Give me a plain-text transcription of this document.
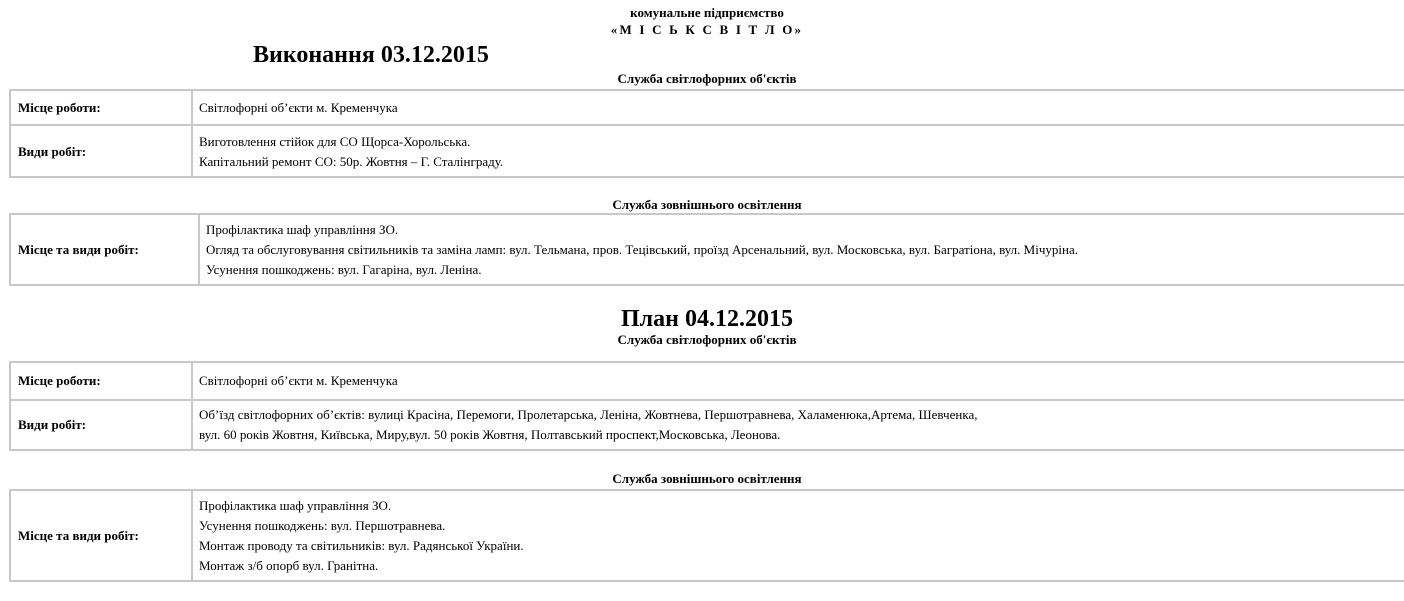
комунальне підприємство
«М І С Ь К С В І Т Л О»
Виконання 03.12.2015
Служба світлофорних об'єктів
Місце роботи:	Світлофорні об’єкти м. Кременчука

Види робіт:	Виготовлення стійок для СО Щорса-Хорольська.
Капітальний ремонт СО: 50р. Жовтня – Г. Сталінграду.
Служба зовнішнього освітлення
Місце та види робіт:	
Профілактика шаф управління ЗО.
Огляд та обслуговування світильників та заміна ламп: вул. Тельмана, пров. Тецівський, проїзд Арсенальний, вул. Московська, вул. Багратіона, вул. Мічуріна.
Усунення пошкоджень: вул. Гагаріна, вул. Леніна.
План 04.12.2015
Служба світлофорних об'єктів
Місце роботи:	Світлофорні об’єкти м. Кременчука

Види робіт:	Об’їзд світлофорних об’єктів: вулиці Красіна, Перемоги, Пролетарська, Леніна, Жовтнева, Першотравнева, Халаменюка,Артема, Шевченка,
вул. 60 років Жовтня, Київська, Миру,вул. 50 років Жовтня, Полтавський проспект,Московська, Леонова.
Служба зовнішнього освітлення
Місце та види робіт:	
Профілактика шаф управління ЗО.
Усунення пошкоджень: вул. Першотравнева.
Монтаж проводу та світильників: вул. Радянської України.
Монтаж з/б опорб вул. Гранітна.
